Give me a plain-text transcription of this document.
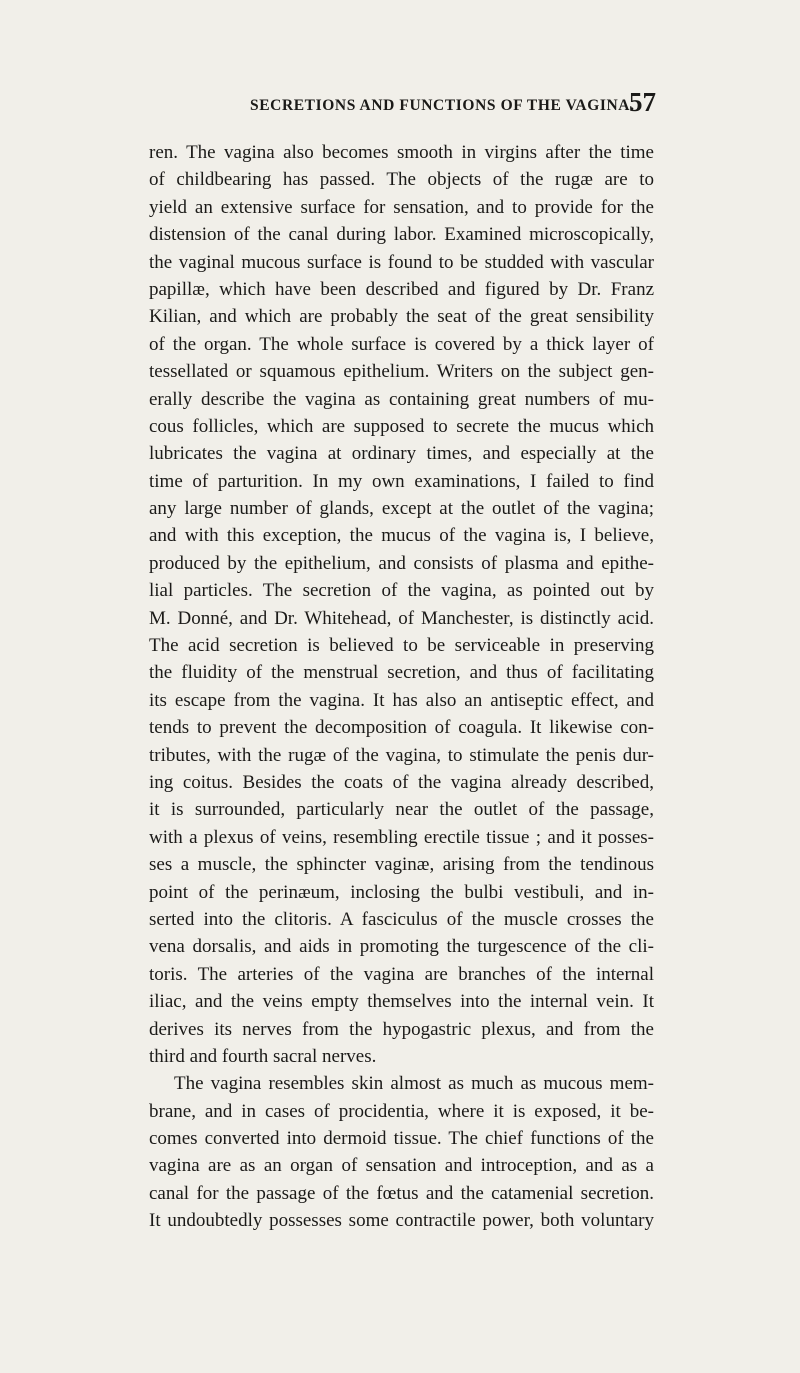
SECRETIONS AND FUNCTIONS OF THE VAGINA.
57
ren. The vagina also becomes smooth in virgins after the time
of childbearing has passed. The objects of the rugæ are to
yield an extensive surface for sensation, and to provide for the
distension of the canal during labor. Examined microscopically,
the vaginal mucous surface is found to be studded with vascular
papillæ, which have been described and figured by Dr. Franz
Kilian, and which are probably the seat of the great sensibility
of the organ. The whole surface is covered by a thick layer of
tessellated or squamous epithelium. Writers on the subject gen-
erally describe the vagina as containing great numbers of mu-
cous follicles, which are supposed to secrete the mucus which
lubricates the vagina at ordinary times, and especially at the
time of parturition. In my own examinations, I failed to find
any large number of glands, except at the outlet of the vagina;
and with this exception, the mucus of the vagina is, I believe,
produced by the epithelium, and consists of plasma and epithe-
lial particles. The secretion of the vagina, as pointed out by
M. Donné, and Dr. Whitehead, of Manchester, is distinctly acid.
The acid secretion is believed to be serviceable in preserving
the fluidity of the menstrual secretion, and thus of facilitating
its escape from the vagina. It has also an antiseptic effect, and
tends to prevent the decomposition of coagula. It likewise con-
tributes, with the rugæ of the vagina, to stimulate the penis dur-
ing coitus. Besides the coats of the vagina already described,
it is surrounded, particularly near the outlet of the passage,
with a plexus of veins, resembling erectile tissue ; and it posses-
ses a muscle, the sphincter vaginæ, arising from the tendinous
point of the perinæum, inclosing the bulbi vestibuli, and in-
serted into the clitoris. A fasciculus of the muscle crosses the
vena dorsalis, and aids in promoting the turgescence of the cli-
toris. The arteries of the vagina are branches of the internal
iliac, and the veins empty themselves into the internal vein. It
derives its nerves from the hypogastric plexus, and from the
third and fourth sacral nerves.
The vagina resembles skin almost as much as mucous mem-
brane, and in cases of procidentia, where it is exposed, it be-
comes converted into dermoid tissue. The chief functions of the
vagina are as an organ of sensation and introception, and as a
canal for the passage of the fœtus and the catamenial secretion.
It undoubtedly possesses some contractile power, both voluntary
